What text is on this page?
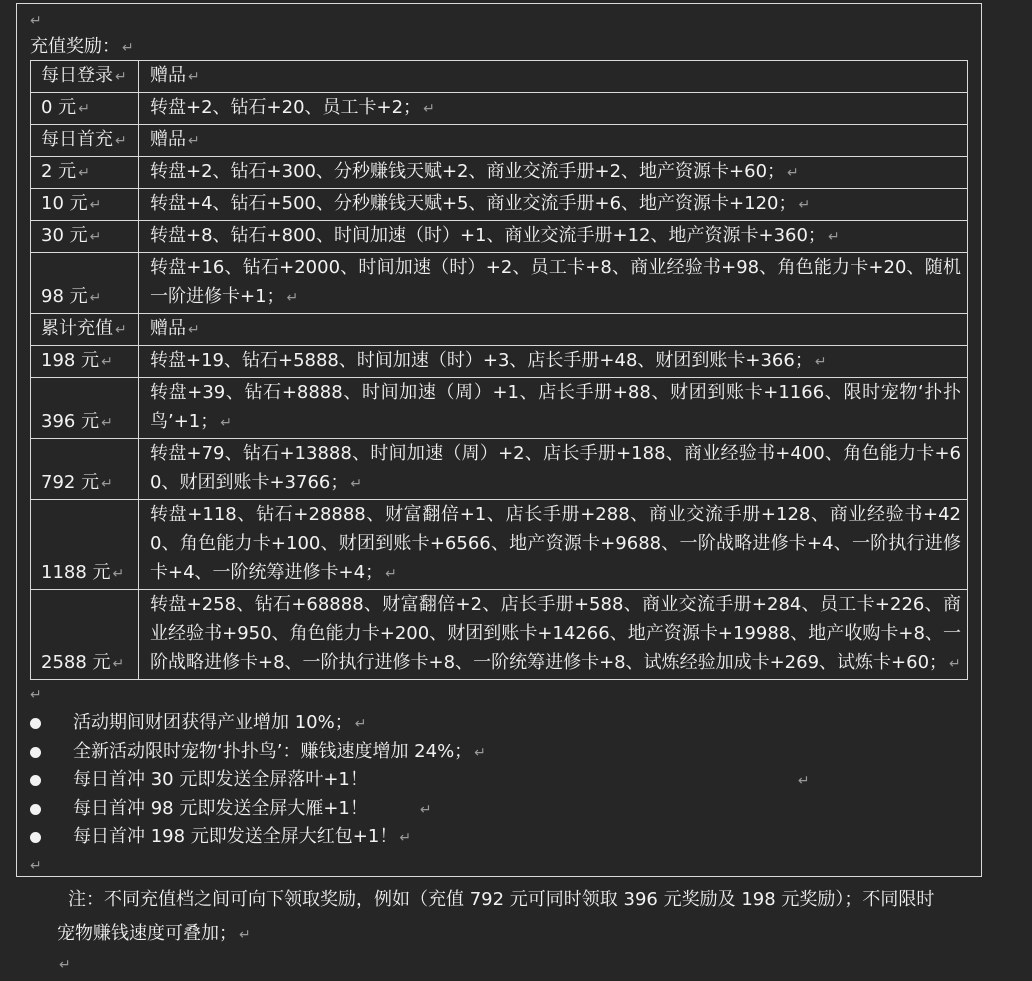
↵
充值奖励： ↵
每日登录 ↵	赠品 ↵
0 元 ↵	转盘+2、钻石+20、员工卡+2； ↵
每日首充 ↵	赠品 ↵
2 元 ↵	转盘+2、钻石+300、分秒赚钱天赋+2、商业交流手册+2、地产资源卡+60； ↵
10 元 ↵	转盘+4、钻石+500、分秒赚钱天赋+5、商业交流手册+6、地产资源卡+120； ↵
30 元 ↵	转盘+8、钻石+800、时间加速（时）+1、商业交流手册+12、地产资源卡+360； ↵
98 元 ↵	转盘+16、钻石+2000、时间加速（时）+2、员工卡+8、商业经验书+98、角色能力卡+20、随机一阶进修卡+1； ↵
累计充值 ↵	赠品 ↵
198 元 ↵	转盘+19、钻石+5888、时间加速（时）+3、店长手册+48、财团到账卡+366； ↵
396 元 ↵	转盘+39、钻石+8888、时间加速（周）+1、店长手册+88、财团到账卡+1166、限时宠物‘扑扑鸟’+1； ↵
792 元 ↵	转盘+79、钻石+13888、时间加速（周）+2、店长手册+188、商业经验书+400、角色能力卡+60、财团到账卡+3766； ↵
1188 元 ↵	转盘+118、钻石+28888、财富翻倍+1、店长手册+288、商业交流手册+128、商业经验书+420、角色能力卡+100、财团到账卡+6566、地产资源卡+9688、一阶战略进修卡+4、一阶执行进修卡+4、一阶统筹进修卡+4； ↵
2588 元 ↵	转盘+258、钻石+68888、财富翻倍+2、店长手册+588、商业交流手册+284、员工卡+226、商业经验书+950、角色能力卡+200、财团到账卡+14266、地产资源卡+19988、地产收购卡+8、一阶战略进修卡+8、一阶执行进修卡+8、一阶统筹进修卡+8、试炼经验加成卡+269、试炼卡+60； ↵
↵
活动期间财团获得产业增加 10%； ↵
全新活动限时宠物‘扑扑鸟’：赚钱速度增加 24%； ↵
每日首冲 30 元即发送全屏落叶+1！	↵
每日首冲 98 元即发送全屏大雁+1！	↵
每日首冲 198 元即发送全屏大红包+1！ ↵
↵
注：不同充值档之间可向下领取奖励，例如（充值 792 元可同时领取 396 元奖励及 198 元奖励）；不同限时宠物赚钱速度可叠加； ↵
↵
